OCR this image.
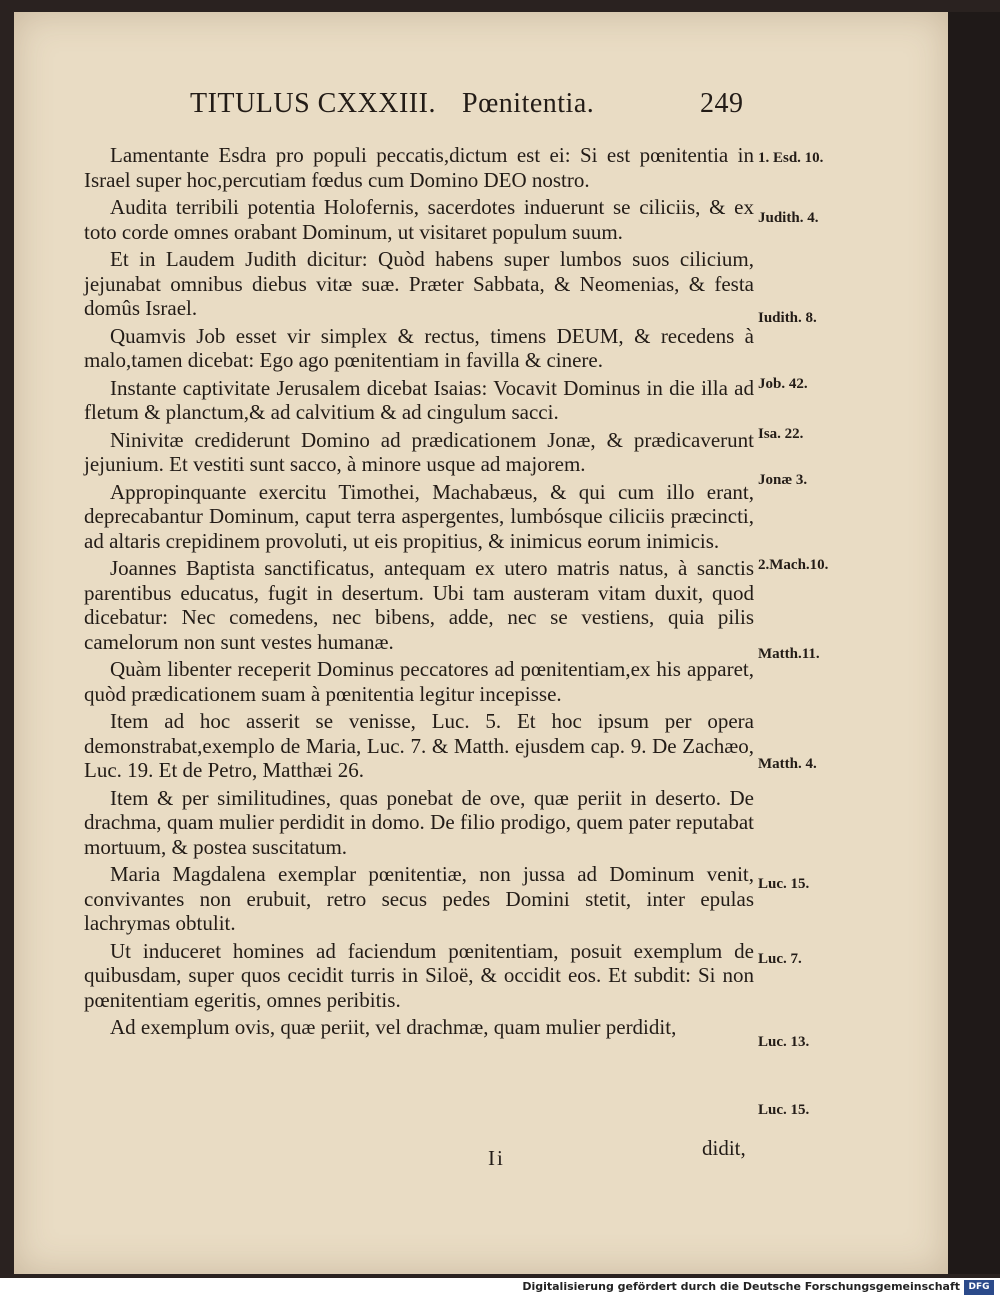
TITULUS CXXXIII. Pœnitentia.	249

Lamentante Esdra pro populi peccatis,dictum est ei: Si est pœnitentia in Israel super hoc,percutiam fœdus cum Domino DEO nostro.

Audita terribili potentia Holofernis, sacerdotes induerunt se ciliciis, & ex toto corde omnes orabant Dominum, ut visitaret populum suum.

Et in Laudem Judith dicitur: Quòd habens super lumbos suos cilicium, jejunabat omnibus diebus vitæ suæ. Præter Sabbata, & Neomenias, & festa domûs Israel.

Quamvis Job esset vir simplex & rectus, timens DEUM, & recedens à malo,tamen dicebat: Ego ago pœnitentiam in favilla & cinere.

Instante captivitate Jerusalem dicebat Isaias: Vocavit Dominus in die illa ad fletum & planctum,& ad calvitium & ad cingulum sacci.

Ninivitæ crediderunt Domino ad prædicationem Jonæ, & prædicaverunt jejunium. Et vestiti sunt sacco, à minore usque ad majorem.

Appropinquante exercitu Timothei, Machabæus, & qui cum illo erant, deprecabantur Dominum, caput terra aspergentes, lumbósque ciliciis præcincti, ad altaris crepidinem provoluti, ut eis propitius, & inimicus eorum inimicis.

Joannes Baptista sanctificatus, antequam ex utero matris natus, à sanctis parentibus educatus, fugit in desertum. Ubi tam austeram vitam duxit, quod dicebatur: Nec comedens, nec bibens, adde, nec se vestiens, quia pilis camelorum non sunt vestes humanæ.

Quàm libenter receperit Dominus peccatores ad pœnitentiam,ex his apparet, quòd prædicationem suam à pœnitentia legitur incepisse.

Item ad hoc asserit se venisse, Luc. 5. Et hoc ipsum per opera demonstrabat,exemplo de Maria, Luc. 7. & Matth. ejusdem cap. 9. De Zachæo, Luc. 19. Et de Petro, Matthæi 26.

Item & per similitudines, quas ponebat de ove, quæ periit in deserto. De drachma, quam mulier perdidit in domo. De filio prodigo, quem pater reputabat mortuum, & postea suscitatum.

Maria Magdalena exemplar pœnitentiæ, non jussa ad Dominum venit, convivantes non erubuit, retro secus pedes Domini stetit, inter epulas lachrymas obtulit.

Ut induceret homines ad faciendum pœnitentiam, posuit exemplum de quibusdam, super quos cecidit turris in Siloë, & occidit eos. Et subdit: Si non pœnitentiam egeritis, omnes peribitis.

Ad exemplum ovis, quæ periit, vel drachmæ, quam mulier perdidit,

1. Esd. 10.
Judith. 4.
Iudith. 8.
Job. 42.
Isa. 22.
Jonæ 3.
2.Mach.10.
Matth.11.
Matth. 4.
Luc. 15.
Luc. 7.
Luc. 13.
Luc. 15.
Ii	didit,
Digitalisierung gefördert durch die Deutsche Forschungsgemeinschaft DFG
